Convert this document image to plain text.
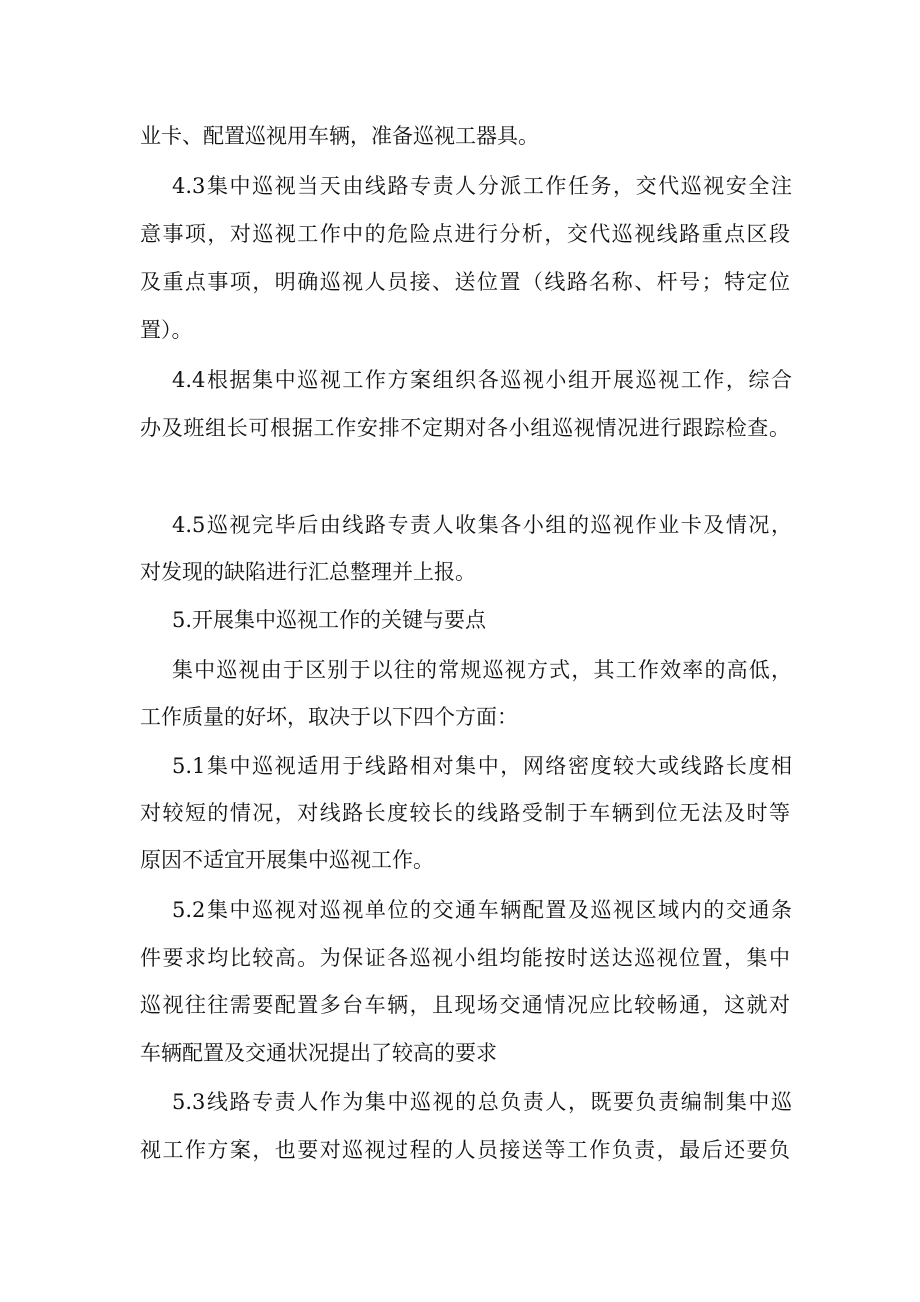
业卡、配置巡视用车辆，准备巡视工器具。
4.3集中巡视当天由线路专责人分派工作任务，交代巡视安全注
意事项，对巡视工作中的危险点进行分析，交代巡视线路重点区段
及重点事项，明确巡视人员接、送位置（线路名称、杆号；特定位
置）。
4.4根据集中巡视工作方案组织各巡视小组开展巡视工作，综合
办及班组长可根据工作安排不定期对各小组巡视情况进行跟踪检查。
4.5巡视完毕后由线路专责人收集各小组的巡视作业卡及情况，
对发现的缺陷进行汇总整理并上报。
5.开展集中巡视工作的关键与要点
集中巡视由于区别于以往的常规巡视方式，其工作效率的高低，
工作质量的好坏，取决于以下四个方面：
5.1集中巡视适用于线路相对集中，网络密度较大或线路长度相
对较短的情况，对线路长度较长的线路受制于车辆到位无法及时等
原因不适宜开展集中巡视工作。
5.2集中巡视对巡视单位的交通车辆配置及巡视区域内的交通条
件要求均比较高。为保证各巡视小组均能按时送达巡视位置，集中
巡视往往需要配置多台车辆，且现场交通情况应比较畅通，这就对
车辆配置及交通状况提出了较高的要求
5.3线路专责人作为集中巡视的总负责人，既要负责编制集中巡
视工作方案，也要对巡视过程的人员接送等工作负责，最后还要负
